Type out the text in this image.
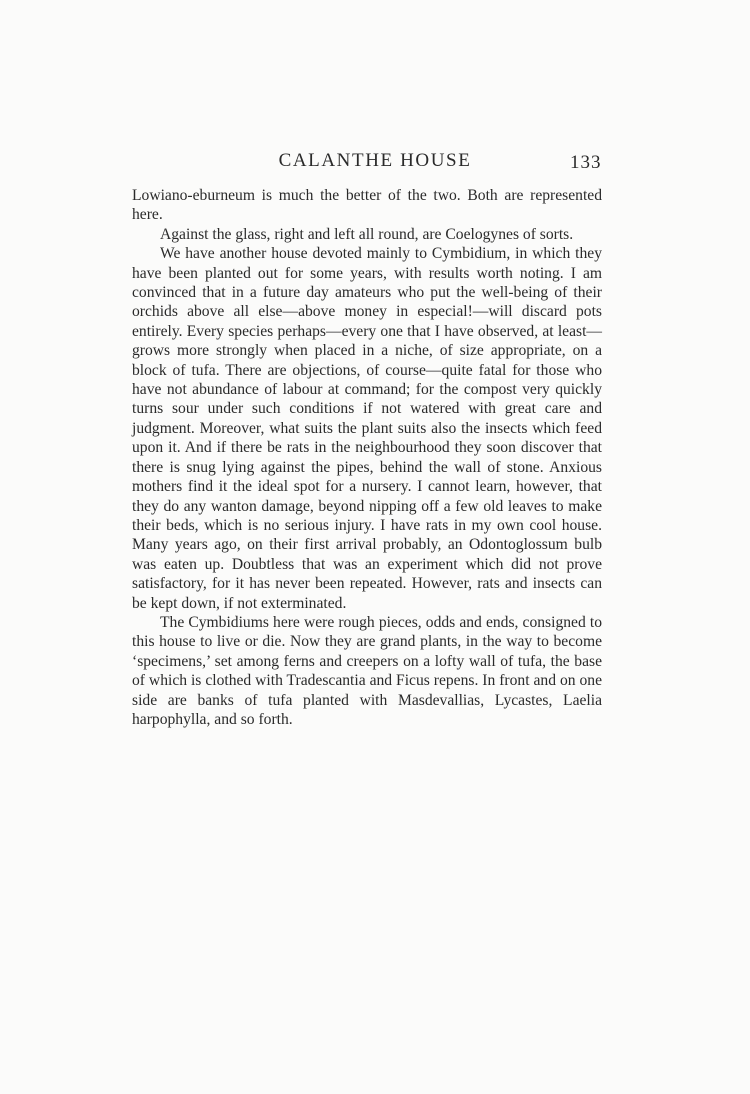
CALANTHE HOUSE	133

Lowiano-eburneum is much the better of the two. Both are represented here.

Against the glass, right and left all round, are Coelogynes of sorts.

We have another house devoted mainly to Cymbidium, in which they have been planted out for some years, with results worth noting. I am convinced that in a future day amateurs who put the well-being of their orchids above all else—above money in especial!—will discard pots entirely. Every species perhaps—every one that I have observed, at least—grows more strongly when placed in a niche, of size appropriate, on a block of tufa. There are objections, of course—quite fatal for those who have not abundance of labour at command; for the compost very quickly turns sour under such conditions if not watered with great care and judgment. Moreover, what suits the plant suits also the insects which feed upon it. And if there be rats in the neighbourhood they soon discover that there is snug lying against the pipes, behind the wall of stone. Anxious mothers find it the ideal spot for a nursery. I cannot learn, however, that they do any wanton damage, beyond nipping off a few old leaves to make their beds, which is no serious injury. I have rats in my own cool house. Many years ago, on their first arrival probably, an Odontoglossum bulb was eaten up. Doubtless that was an experiment which did not prove satisfactory, for it has never been repeated. However, rats and insects can be kept down, if not exterminated.

The Cymbidiums here were rough pieces, odds and ends, consigned to this house to live or die. Now they are grand plants, in the way to become ‘specimens,’ set among ferns and creepers on a lofty wall of tufa, the base of which is clothed with Tradescantia and Ficus repens. In front and on one side are banks of tufa planted with Masdevallias, Lycastes, Laelia harpophylla, and so forth.
